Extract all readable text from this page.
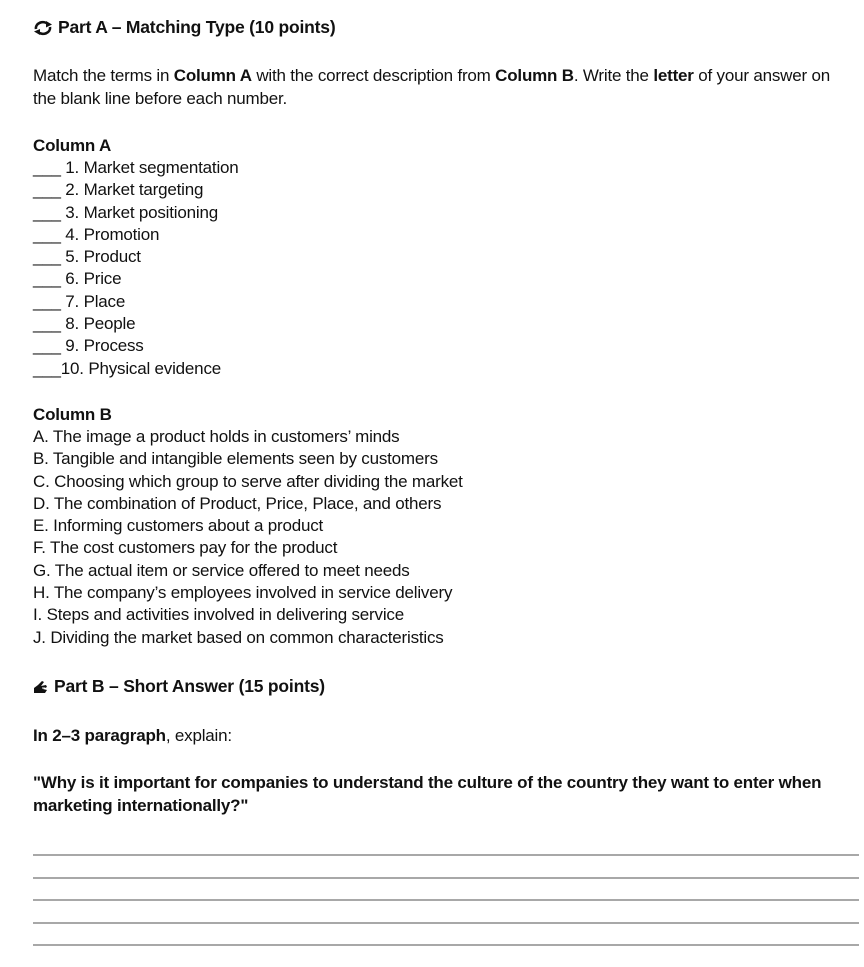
Part A – Matching Type (10 points)
Match the terms in Column A with the correct description from Column B. Write the letter of your answer on the blank line before each number.
Column A
___ 1. Market segmentation
___ 2. Market targeting
___ 3. Market positioning
___ 4. Promotion
___ 5. Product
___ 6. Price
___ 7. Place
___ 8. People
___ 9. Process
___10. Physical evidence
Column B
A. The image a product holds in customers’ minds
B. Tangible and intangible elements seen by customers
C. Choosing which group to serve after dividing the market
D. The combination of Product, Price, Place, and others
E. Informing customers about a product
F. The cost customers pay for the product
G. The actual item or service offered to meet needs
H. The company’s employees involved in service delivery
I. Steps and activities involved in delivering service
J. Dividing the market based on common characteristics
Part B – Short Answer (15 points)
In 2–3 paragraph, explain:
"Why is it important for companies to understand the culture of the country they want to enter when marketing internationally?"
